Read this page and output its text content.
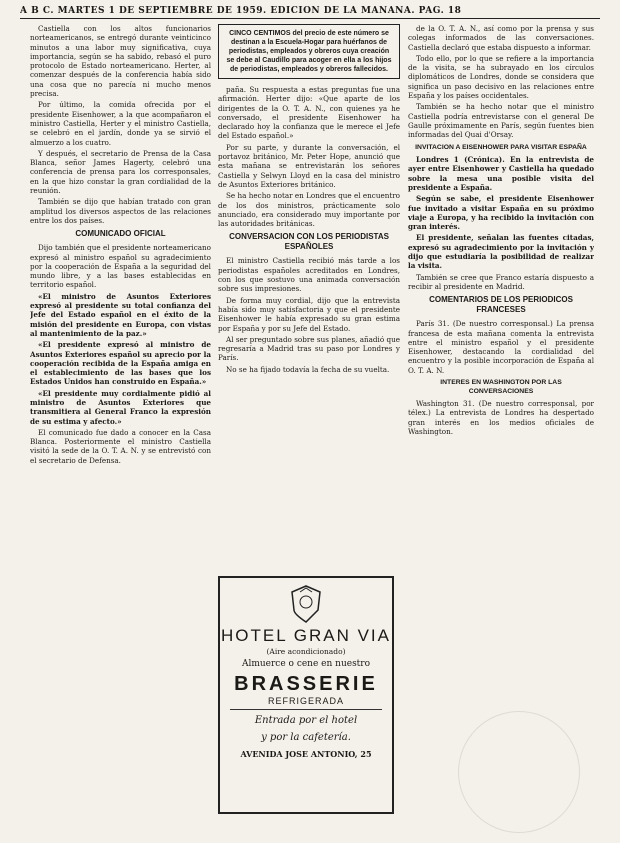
A B C. MARTES 1 DE SEPTIEMBRE DE 1959. EDICION DE LA MAÑANA. PAG. 18

Castiella con los altos funcionarios norteamericanos, se entregó durante veinticinco minutos a una labor muy significativa, cuya importancia, según se ha sabido, rebasó el puro protocolo de Estado norteamericano. Herter, al comenzar después de la conferencia había sido una cosa que no parecía ni mucho menos precisa.

Por último, la comida ofrecida por el presidente Eisenhower, a la que acompañaron el ministro Castiella, Herter y el ministro Castiella, se celebró en el jardín, donde ya se sirvió el almuerzo a los cuatro.

Y después, el secretario de Prensa de la Casa Blanca, señor James Hagerty, celebró una conferencia de prensa para los corresponsales, en la que hizo constar la gran cordialidad de la reunión.

También se dijo que habían tratado con gran amplitud los diversos aspectos de las relaciones entre los dos países.

COMUNICADO OFICIAL

Dijo también que el presidente norteamericano expresó al ministro español su agradecimiento por la cooperación de España a la seguridad del mundo libre, y a las bases establecidas en territorio español.

«El ministro de Asuntos Exteriores expresó al presidente su total confianza del Jefe del Estado español en el éxito de la misión del presidente en Europa, con vistas al mantenimiento de la paz.»

«El presidente expresó al ministro de Asuntos Exteriores español su aprecio por la cooperación recibida de la España amiga en el establecimiento de las bases que los Estados Unidos han construido en España.»

«El presidente muy cordialmente pidió al ministro de Asuntos Exteriores que transmitiera al General Franco la expresión de su estima y afecto.»

El comunicado fue dado a conocer en la Casa Blanca. Posteriormente el ministro Castiella visitó la sede de la O. T. A. N. y se entrevistó con el secretario de Defensa.

CINCO CENTIMOS del precio de este número se destinan a la Escuela-Hogar para huérfanos de periodistas, empleados y obreros cuya creación se debe al Caudillo para acoger en ella a los hijos de periodistas, empleados y obreros fallecidos.

paña. Su respuesta a estas preguntas fue una afirmación. Herter dijo: «Que aparte de los dirigentes de la O. T. A. N., con quienes ya he conversado, el presidente Eisenhower ha declarado hoy la confianza que le merece el Jefe del Estado español.»

Por su parte, y durante la conversación, el portavoz británico, Mr. Peter Hope, anunció que esta mañana se entrevistarán los señores Castiella y Selwyn Lloyd en la casa del ministro de Asuntos Exteriores británico.

Se ha hecho notar en Londres que el encuentro de los dos ministros, prácticamente solo anunciado, era considerado muy importante por las autoridades británicas.

CONVERSACION CON LOS PERIODISTAS ESPAÑOLES

El ministro Castiella recibió más tarde a los periodistas españoles acreditados en Londres, con los que sostuvo una animada conversación sobre sus impresiones.

De forma muy cordial, dijo que la entrevista había sido muy satisfactoria y que el presidente Eisenhower le había expresado su gran estima por España y por su Jefe del Estado.

Al ser preguntado sobre sus planes, añadió que regresaría a Madrid tras su paso por Londres y París.

No se ha fijado todavía la fecha de su vuelta.

HOTEL GRAN VIA
(Aire acondicionado)
Almuerce o cene en nuestro
BRASSERIE
REFRIGERADA
Entrada por el hotel
y por la cafetería.
AVENIDA JOSE ANTONIO, 25

de la O. T. A. N., así como por la prensa y sus colegas informados de las conversaciones. Castiella declaró que estaba dispuesto a informar.

Todo ello, por lo que se refiere a la importancia de la visita, se ha subrayado en los círculos diplomáticos de Londres, donde se considera que significa un paso decisivo en las relaciones entre España y los países occidentales.

También se ha hecho notar que el ministro Castiella podría entrevistarse con el general De Gaulle próximamente en París, según fuentes bien informadas del Quai d'Orsay.

INVITACION A EISENHOWER PARA VISITAR ESPAÑA

Londres 1 (Crónica). En la entrevista de ayer entre Eisenhower y Castiella ha quedado sobre la mesa una posible visita del presidente a España.

Según se sabe, el presidente Eisenhower fue invitado a visitar España en su próximo viaje a Europa, y ha recibido la invitación con gran interés.

El presidente, señalan las fuentes citadas, expresó su agradecimiento por la invitación y dijo que estudiaría la posibilidad de realizar la visita.

También se cree que Franco estaría dispuesto a recibir al presidente en Madrid.

COMENTARIOS DE LOS PERIODICOS FRANCESES

París 31. (De nuestro corresponsal.) La prensa francesa de esta mañana comenta la entrevista entre el ministro español y el presidente Eisenhower, destacando la cordialidad del encuentro y la posible incorporación de España al O. T. A. N.

INTERES EN WASHINGTON POR LAS CONVERSACIONES

Washington 31. (De nuestro corresponsal, por télex.) La entrevista de Londres ha despertado gran interés en los medios oficiales de Washington.
